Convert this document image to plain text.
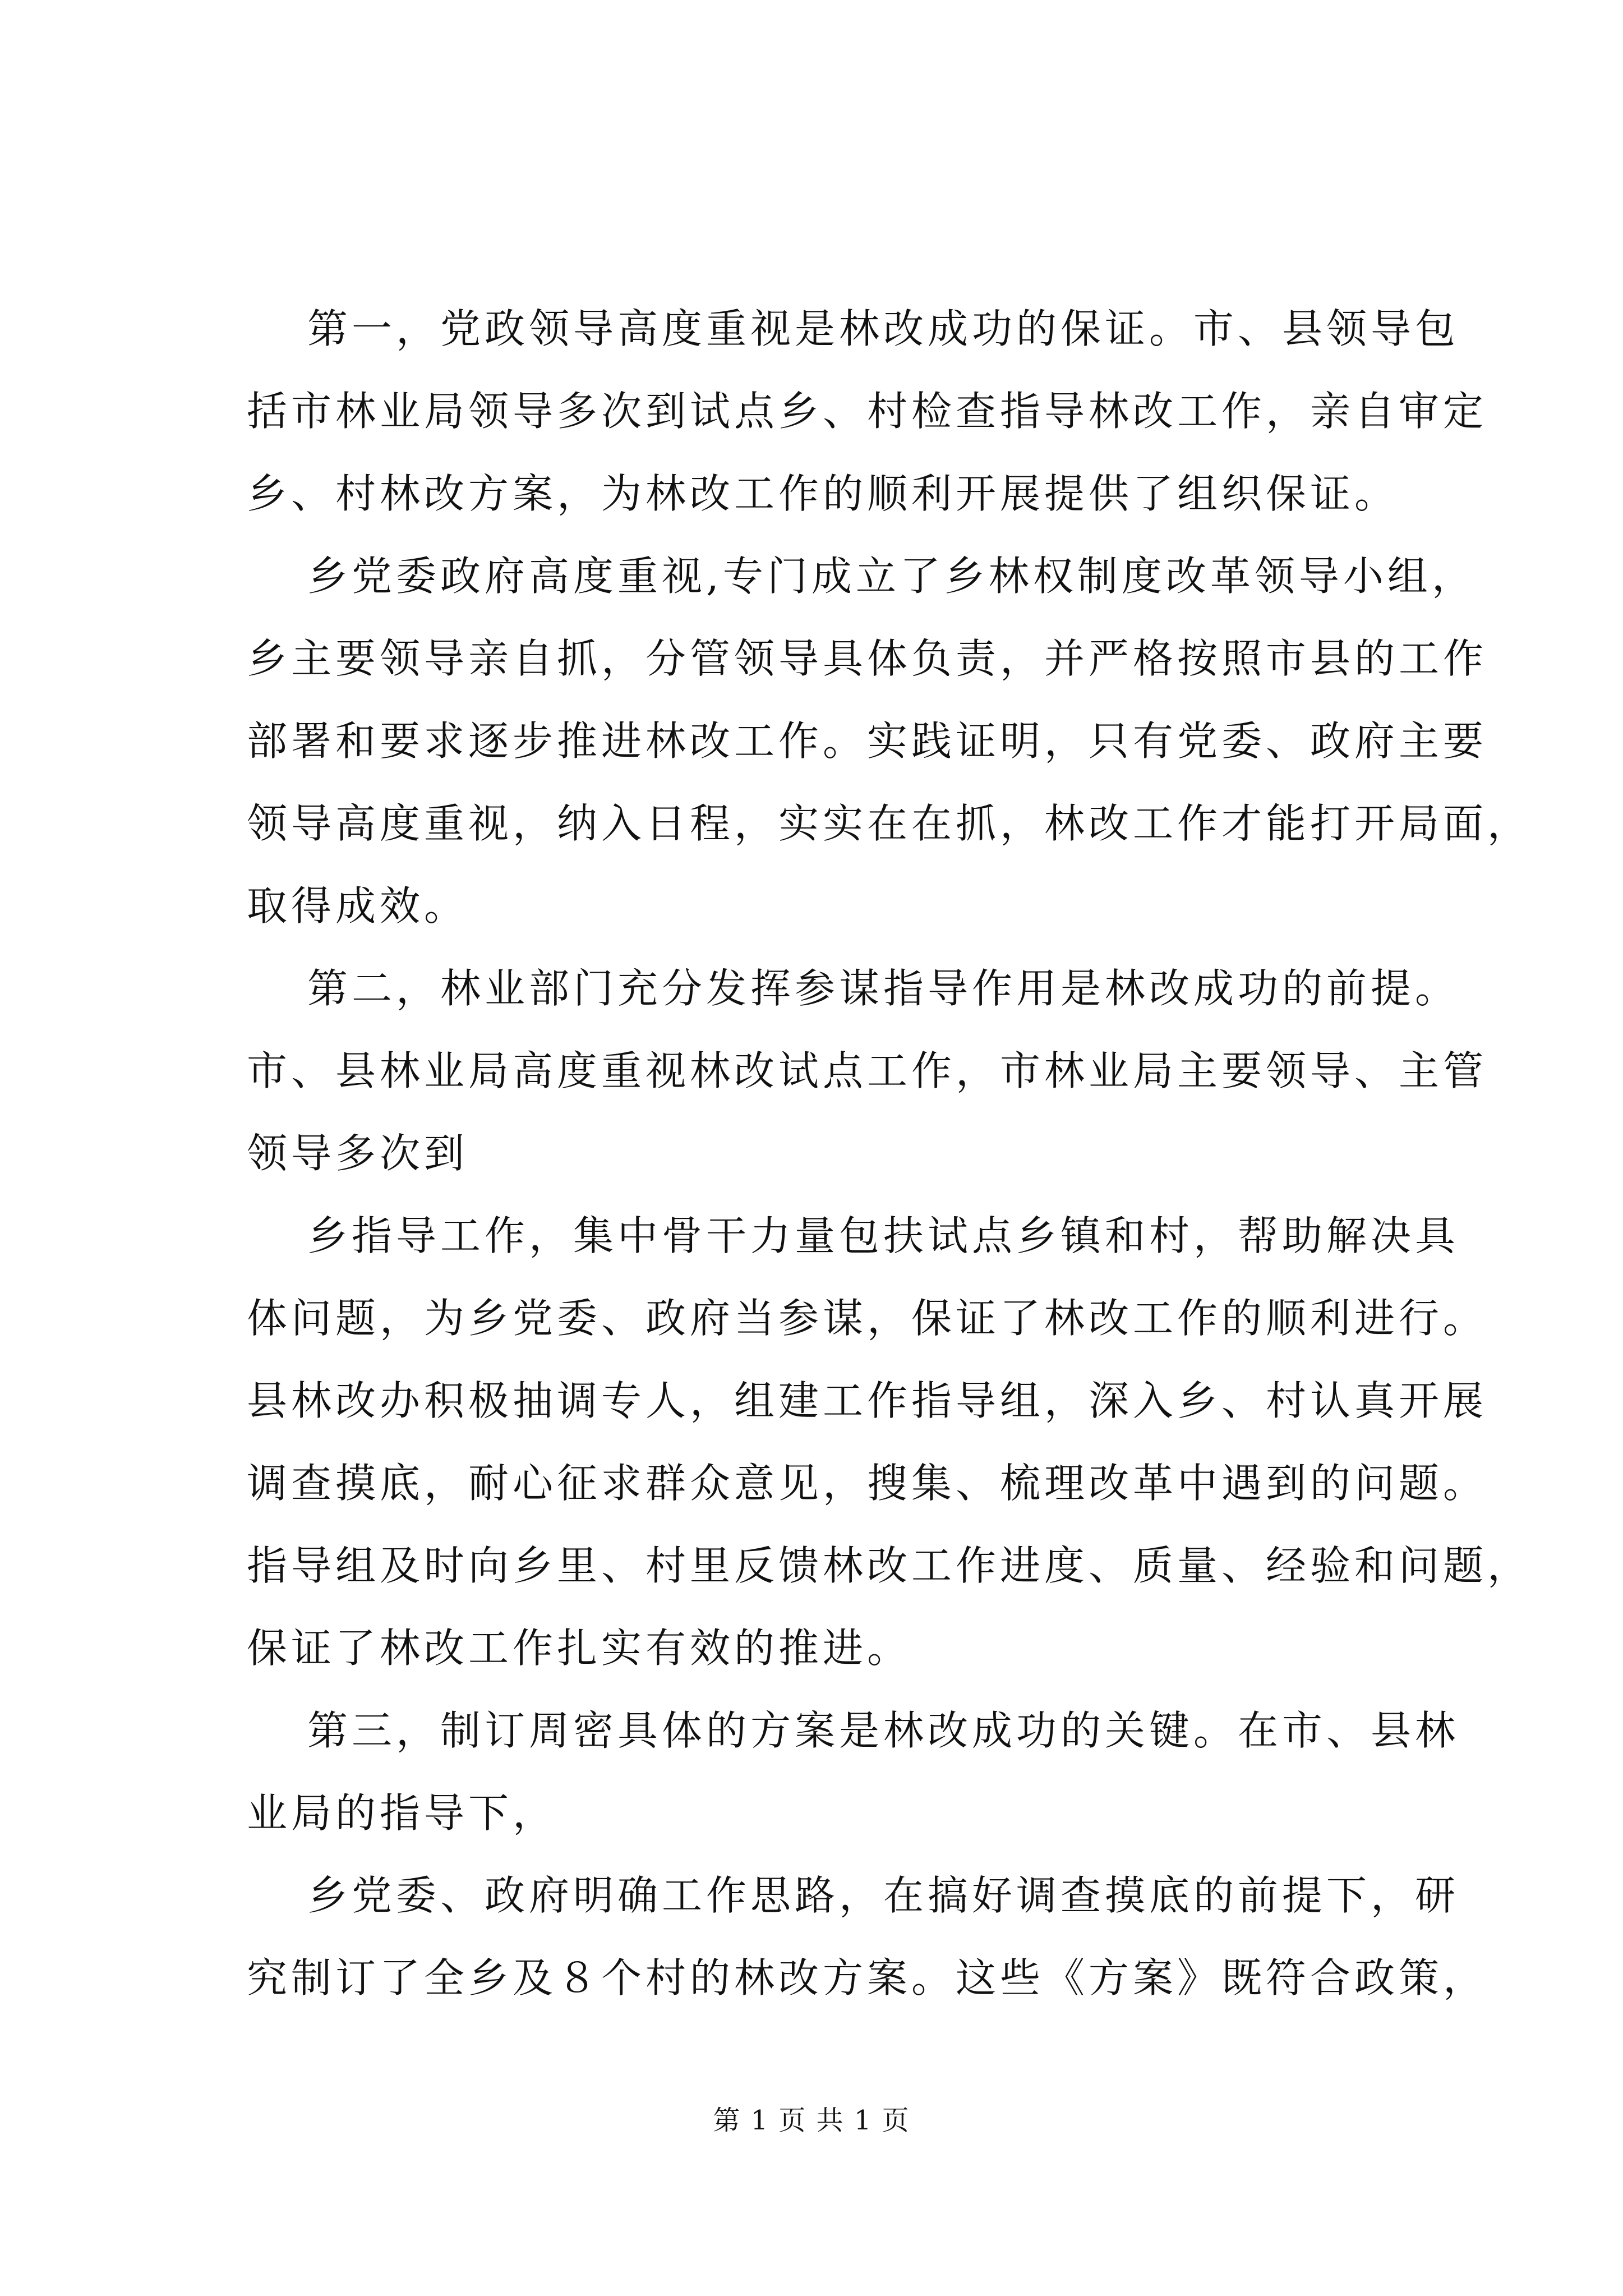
第一，党政领导高度重视是林改成功的保证。市、县领导包

括市林业局领导多次到试点乡、村检查指导林改工作，亲自审定

乡、村林改方案，为林改工作的顺利开展提供了组织保证。

乡党委政府高度重视,专门成立了乡林权制度改革领导小组，

乡主要领导亲自抓，分管领导具体负责，并严格按照市县的工作

部署和要求逐步推进林改工作。实践证明，只有党委、政府主要

领导高度重视，纳入日程，实实在在抓，林改工作才能打开局面，

取得成效。

第二，林业部门充分发挥参谋指导作用是林改成功的前提。

市、县林业局高度重视林改试点工作，市林业局主要领导、主管

领导多次到

乡指导工作，集中骨干力量包扶试点乡镇和村，帮助解决具

体问题，为乡党委、政府当参谋，保证了林改工作的顺利进行。

县林改办积极抽调专人，组建工作指导组，深入乡、村认真开展

调查摸底，耐心征求群众意见，搜集、梳理改革中遇到的问题。

指导组及时向乡里、村里反馈林改工作进度、质量、经验和问题，

保证了林改工作扎实有效的推进。

第三，制订周密具体的方案是林改成功的关键。在市、县林

业局的指导下，

乡党委、政府明确工作思路，在搞好调查摸底的前提下，研

究制订了全乡及８个村的林改方案。这些《方案》既符合政策，

第 1 页 共 1 页
